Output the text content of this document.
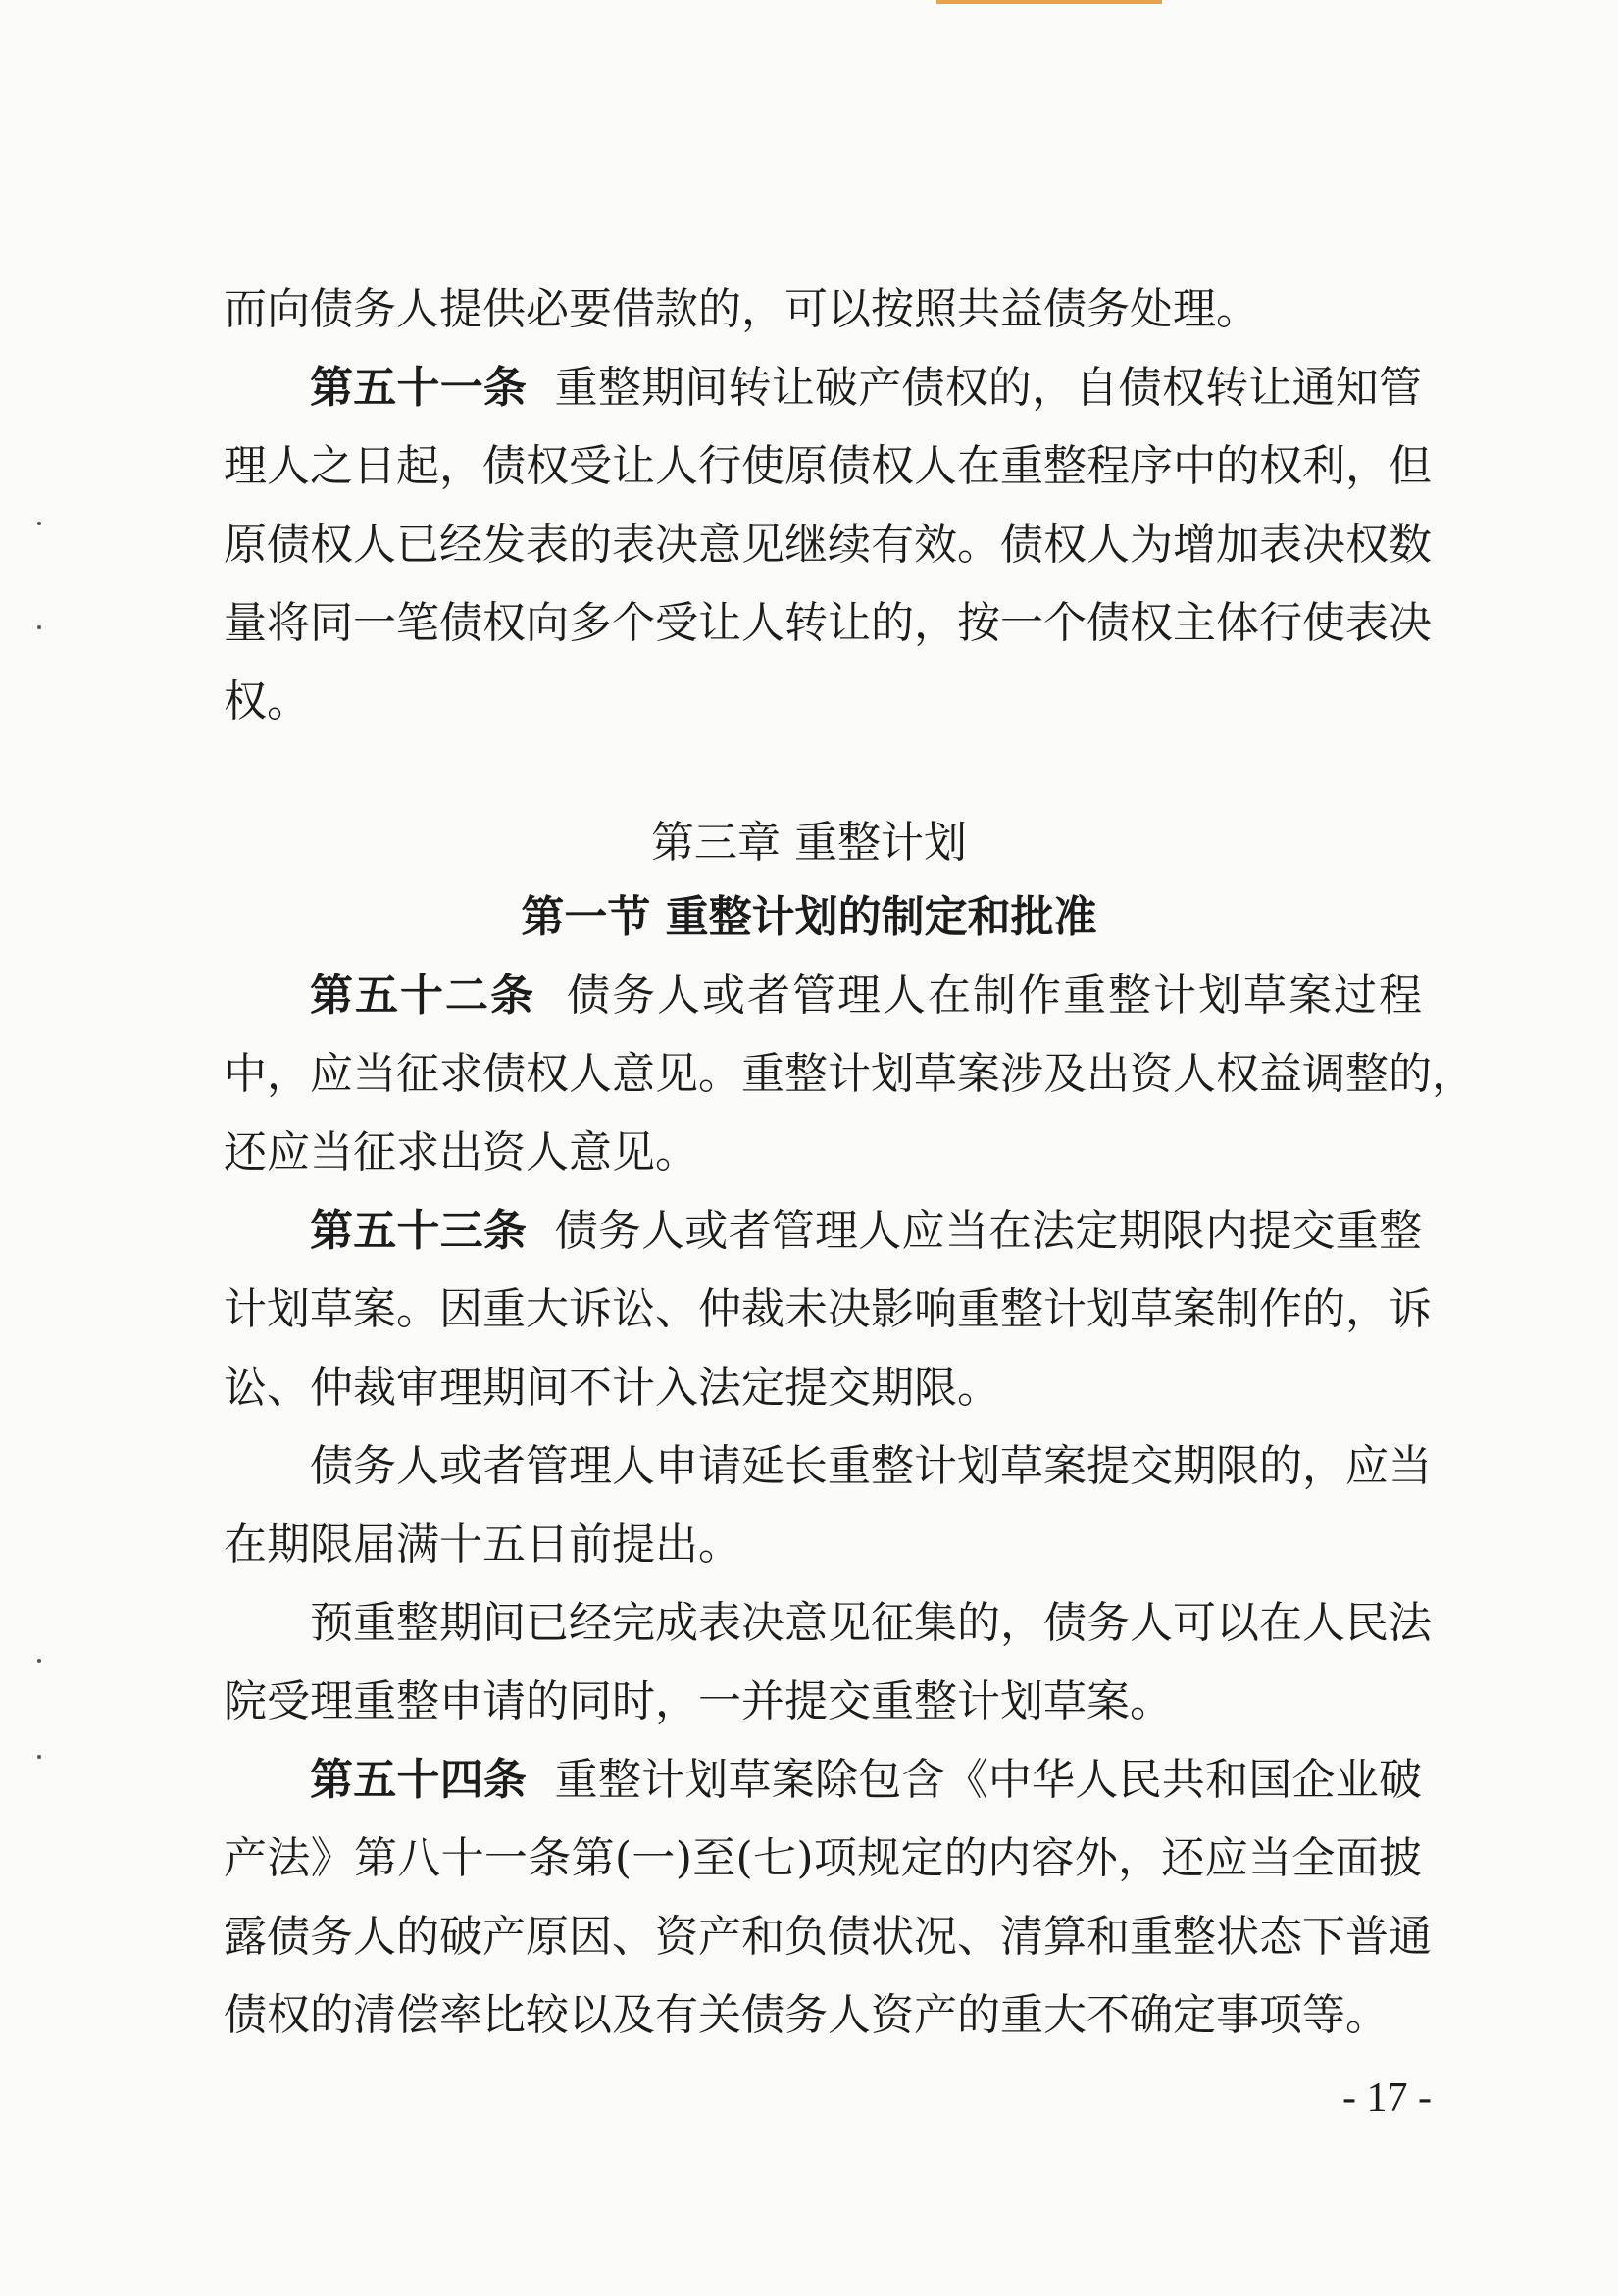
而向债务人提供必要借款的，可以按照共益债务处理。
第五十一条 重整期间转让破产债权的，自债权转让通知管
理人之日起，债权受让人行使原债权人在重整程序中的权利，但
原债权人已经发表的表决意见继续有效。债权人为增加表决权数
量将同一笔债权向多个受让人转让的，按一个债权主体行使表决
权。
第三章 重整计划
第一节 重整计划的制定和批准
第五十二条 债务人或者管理人在制作重整计划草案过程
中，应当征求债权人意见。重整计划草案涉及出资人权益调整的，
还应当征求出资人意见。
第五十三条 债务人或者管理人应当在法定期限内提交重整
计划草案。因重大诉讼、仲裁未决影响重整计划草案制作的，诉
讼、仲裁审理期间不计入法定提交期限。
债务人或者管理人申请延长重整计划草案提交期限的，应当
在期限届满十五日前提出。
预重整期间已经完成表决意见征集的，债务人可以在人民法
院受理重整申请的同时，一并提交重整计划草案。
第五十四条 重整计划草案除包含《中华人民共和国企业破
产法》第八十一条第(一)至(七)项规定的内容外，还应当全面披
露债务人的破产原因、资产和负债状况、清算和重整状态下普通
债权的清偿率比较以及有关债务人资产的重大不确定事项等。
- 17 -
